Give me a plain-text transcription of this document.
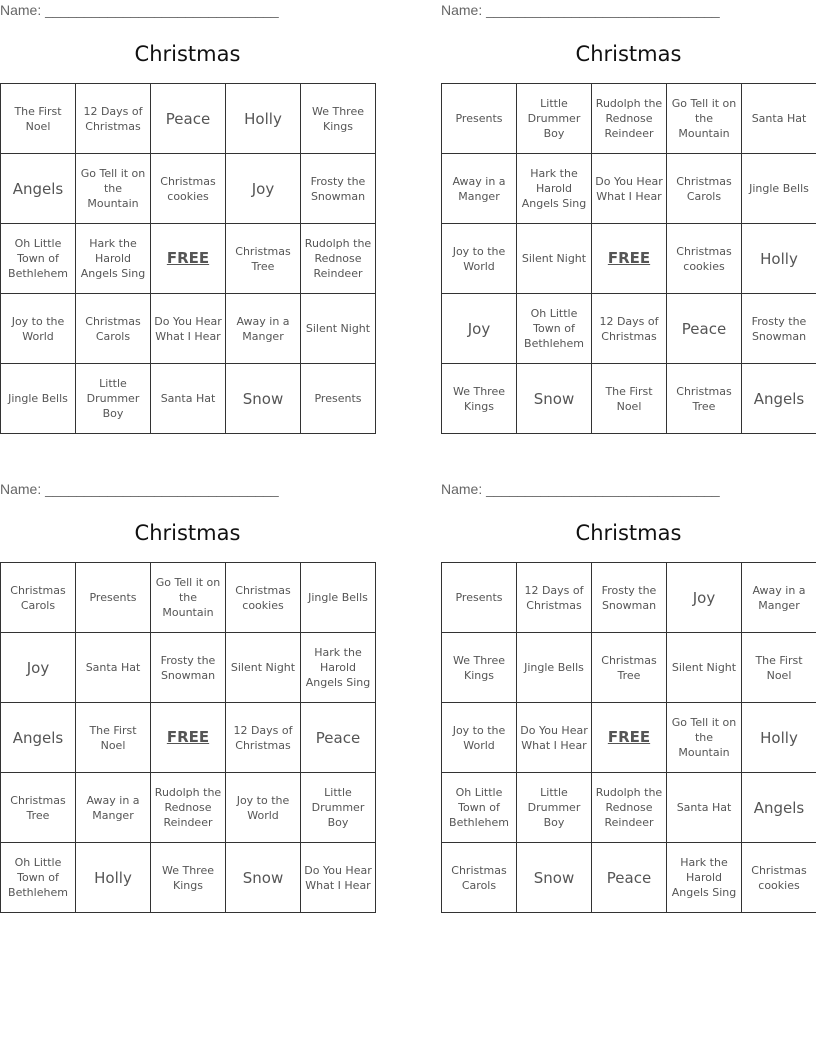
Name: ______________________________
Christmas
The First Noel	12 Days of Christmas	Peace	Holly	We Three Kings
Angels	Go Tell it on the Mountain	Christmas cookies	Joy	Frosty the Snowman
Oh Little Town of Bethlehem	Hark the Harold Angels Sing	FREE	Christmas Tree	Rudolph the Rednose Reindeer
Joy to the World	Christmas Carols	Do You Hear What I Hear	Away in a Manger	Silent Night
Jingle Bells	Little Drummer Boy	Santa Hat	Snow	Presents
Name: ______________________________
Christmas
Presents	Little Drummer Boy	Rudolph the Rednose Reindeer	Go Tell it on the Mountain	Santa Hat
Away in a Manger	Hark the Harold Angels Sing	Do You Hear What I Hear	Christmas Carols	Jingle Bells
Joy to the World	Silent Night	FREE	Christmas cookies	Holly
Joy	Oh Little Town of Bethlehem	12 Days of Christmas	Peace	Frosty the Snowman
We Three Kings	Snow	The First Noel	Christmas Tree	Angels
Name: ______________________________
Christmas
Christmas Carols	Presents	Go Tell it on the Mountain	Christmas cookies	Jingle Bells
Joy	Santa Hat	Frosty the Snowman	Silent Night	Hark the Harold Angels Sing
Angels	The First Noel	FREE	12 Days of Christmas	Peace
Christmas Tree	Away in a Manger	Rudolph the Rednose Reindeer	Joy to the World	Little Drummer Boy
Oh Little Town of Bethlehem	Holly	We Three Kings	Snow	Do You Hear What I Hear
Name: ______________________________
Christmas
Presents	12 Days of Christmas	Frosty the Snowman	Joy	Away in a Manger
We Three Kings	Jingle Bells	Christmas Tree	Silent Night	The First Noel
Joy to the World	Do You Hear What I Hear	FREE	Go Tell it on the Mountain	Holly
Oh Little Town of Bethlehem	Little Drummer Boy	Rudolph the Rednose Reindeer	Santa Hat	Angels
Christmas Carols	Snow	Peace	Hark the Harold Angels Sing	Christmas cookies
